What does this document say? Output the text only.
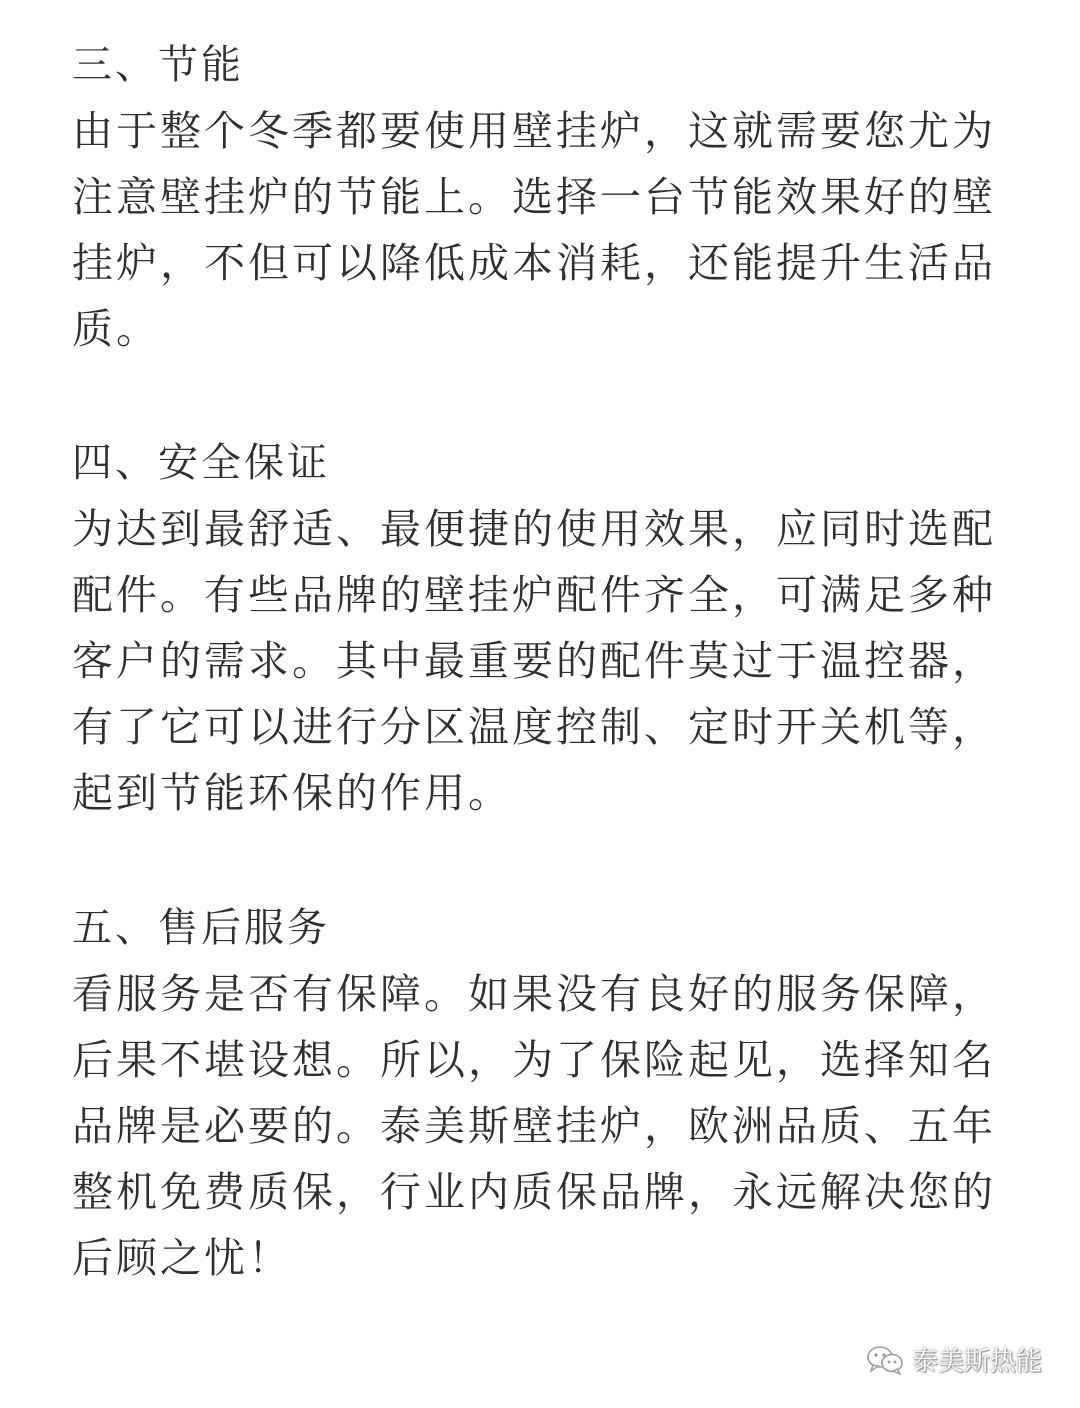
三、节能
由于整个冬季都要使用壁挂炉，这就需要您尤为
注意壁挂炉的节能上。选择一台节能效果好的壁
挂炉，不但可以降低成本消耗，还能提升生活品
质。
四、安全保证
为达到最舒适、最便捷的使用效果，应同时选配
配件。有些品牌的壁挂炉配件齐全，可满足多种
客户的需求。其中最重要的配件莫过于温控器，
有了它可以进行分区温度控制、定时开关机等，
起到节能环保的作用。
五、售后服务
看服务是否有保障。如果没有良好的服务保障，
后果不堪设想。所以，为了保险起见，选择知名
品牌是必要的。泰美斯壁挂炉，欧洲品质、五年
整机免费质保，行业内质保品牌，永远解决您的
后顾之忧！
泰美斯热能
